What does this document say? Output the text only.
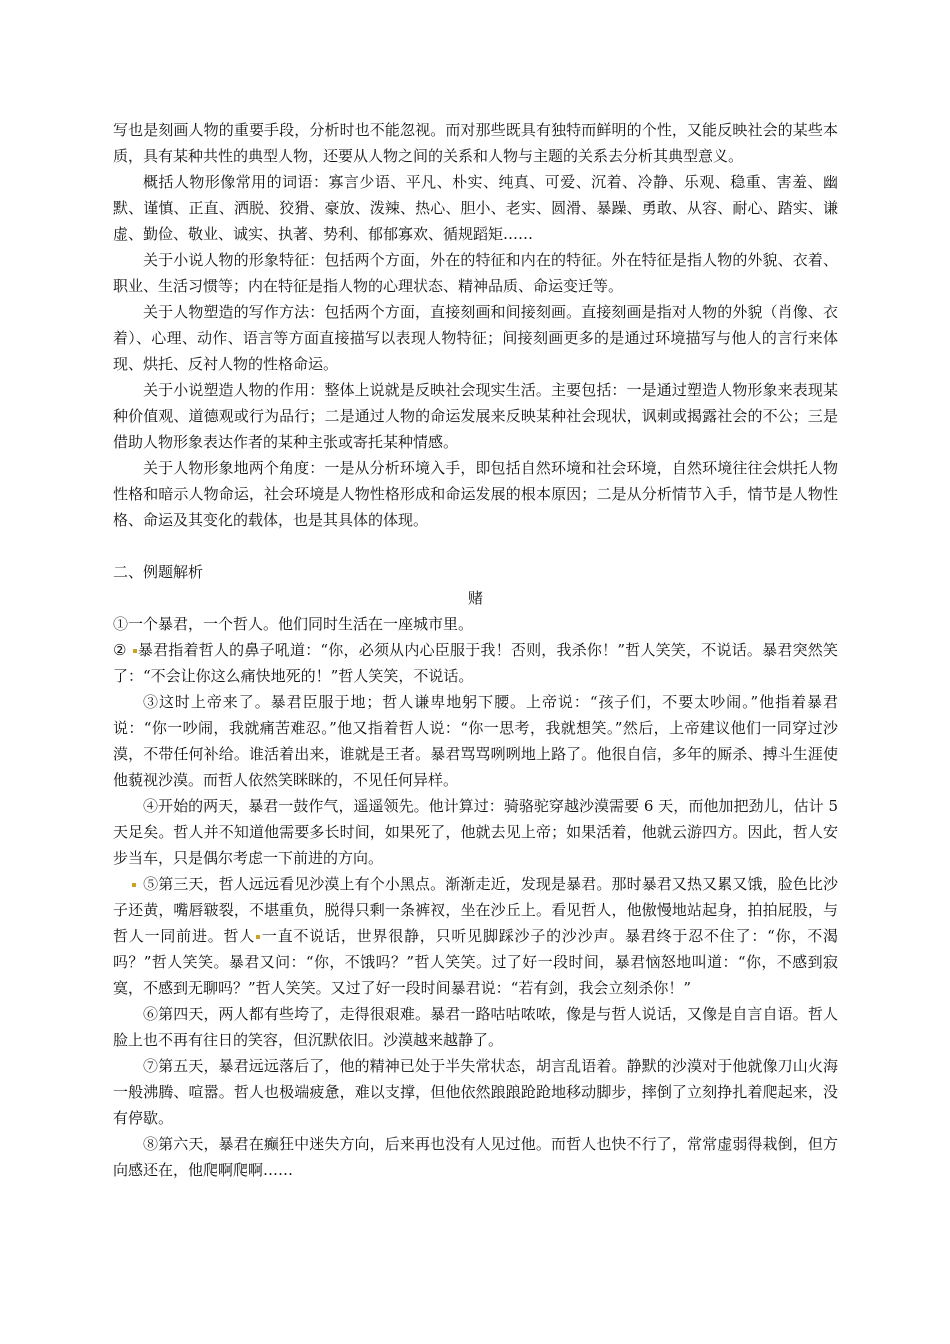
写也是刻画人物的重要手段，分析时也不能忽视。而对那些既具有独特而鲜明的个性，又能反映社会的某些本质，具有某种共性的典型人物，还要从人物之间的关系和人物与主题的关系去分析其典型意义。

概括人物形像常用的词语：寡言少语、平凡、朴实、纯真、可爱、沉着、冷静、乐观、稳重、害羞、幽默、谨慎、正直、洒脱、狡猾、豪放、泼辣、热心、胆小、老实、圆滑、暴躁、勇敢、从容、耐心、踏实、谦虚、勤俭、敬业、诚实、执著、势利、郁郁寡欢、循规蹈矩……

关于小说人物的形象特征：包括两个方面，外在的特征和内在的特征。外在特征是指人物的外貌、衣着、职业、生活习惯等；内在特征是指人物的心理状态、精神品质、命运变迁等。

关于人物塑造的写作方法：包括两个方面，直接刻画和间接刻画。直接刻画是指对人物的外貌（肖像、衣着）、心理、动作、语言等方面直接描写以表现人物特征；间接刻画更多的是通过环境描写与他人的言行来体现、烘托、反衬人物的性格命运。

关于小说塑造人物的作用：整体上说就是反映社会现实生活。主要包括：一是通过塑造人物形象来表现某种价值观、道德观或行为品行；二是通过人物的命运发展来反映某种社会现状，讽刺或揭露社会的不公；三是借助人物形象表达作者的某种主张或寄托某种情感。

关于人物形象地两个角度：一是从分析环境入手，即包括自然环境和社会环境，自然环境往往会烘托人物性格和暗示人物命运，社会环境是人物性格形成和命运发展的根本原因；二是从分析情节入手，情节是人物性格、命运及其变化的载体，也是其具体的体现。

二、例题解析

赌

①一个暴君，一个哲人。他们同时生活在一座城市里。

② 暴君指着哲人的鼻子吼道：“你，必须从内心臣服于我！否则，我杀你！”哲人笑笑，不说话。暴君突然笑了：“不会让你这么痛快地死的！”哲人笑笑，不说话。

③这时上帝来了。暴君臣服于地；哲人谦卑地躬下腰。上帝说：“孩子们，不要太吵闹。”他指着暴君说：“你一吵闹，我就痛苦难忍。”他又指着哲人说：“你一思考，我就想笑。”然后，上帝建议他们一同穿过沙漠，不带任何补给。谁活着出来，谁就是王者。暴君骂骂咧咧地上路了。他很自信，多年的厮杀、搏斗生涯使他藐视沙漠。而哲人依然笑眯眯的，不见任何异样。

④开始的两天，暴君一鼓作气，遥遥领先。他计算过：骑骆驼穿越沙漠需要 6 天，而他加把劲儿，估计 5 天足矣。哲人并不知道他需要多长时间，如果死了，他就去见上帝；如果活着，他就云游四方。因此，哲人安步当车，只是偶尔考虑一下前进的方向。

⑤第三天，哲人远远看见沙漠上有个小黑点。渐渐走近，发现是暴君。那时暴君又热又累又饿，脸色比沙子还黄，嘴唇皲裂，不堪重负，脱得只剩一条裤衩，坐在沙丘上。看见哲人，他傲慢地站起身，拍拍屁股，与哲人一同前进。哲人 一直不说话，世界很静，只听见脚踩沙子的沙沙声。暴君终于忍不住了：“你，不渴吗？”哲人笑笑。暴君又问：“你，不饿吗？”哲人笑笑。过了好一段时间，暴君恼怒地叫道：“你，不感到寂寞，不感到无聊吗？”哲人笑笑。又过了好一段时间暴君说：“若有剑，我会立刻杀你！”

⑥第四天，两人都有些垮了，走得很艰难。暴君一路咕咕哝哝，像是与哲人说话，又像是自言自语。哲人脸上也不再有往日的笑容，但沉默依旧。沙漠越来越静了。

⑦第五天，暴君远远落后了，他的精神已处于半失常状态，胡言乱语着。静默的沙漠对于他就像刀山火海一般沸腾、喧嚣。哲人也极端疲惫，难以支撑，但他依然踉踉跄跄地移动脚步，摔倒了立刻挣扎着爬起来，没有停歇。

⑧第六天，暴君在癫狂中迷失方向，后来再也没有人见过他。而哲人也快不行了，常常虚弱得栽倒，但方向感还在，他爬啊爬啊……
